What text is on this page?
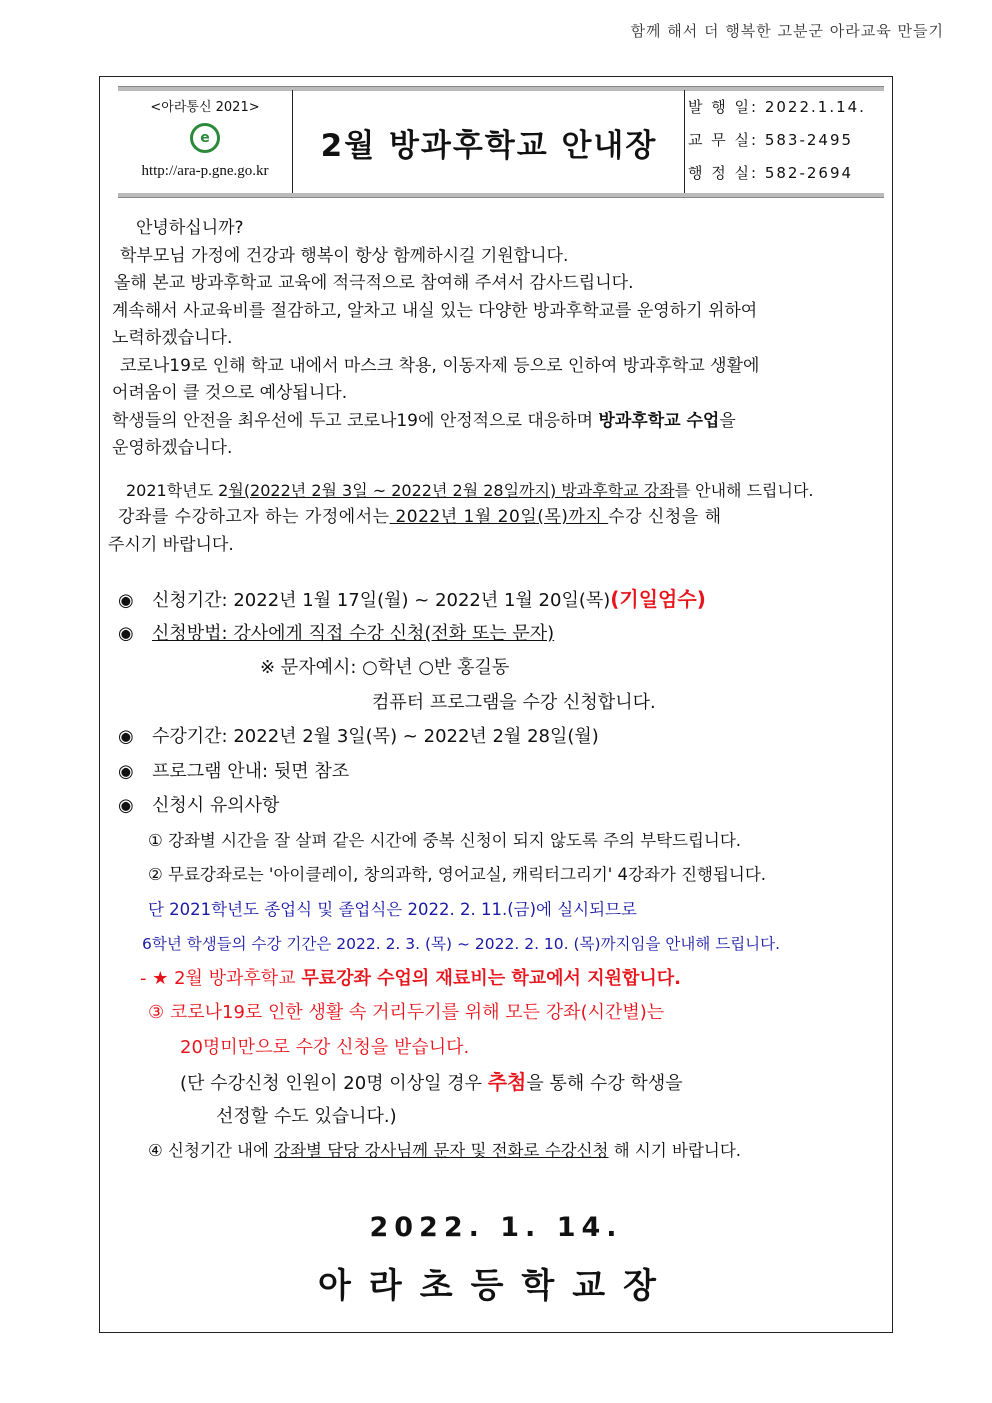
함께 해서 더 행복한 고분군 아라교육 만들기
<아라통신 2021>
e
http://ara-p.gne.go.kr
2월 방과후학교 안내장
발 행 일: 2022.1.14.
교 무 실: 583-2495
행 정 실: 582-2694

안녕하십니까?

학부모님 가정에 건강과 행복이 항상 함께하시길 기원합니다.

올해 본교 방과후학교 교육에 적극적으로 참여해 주셔서 감사드립니다.

계속해서 사교육비를 절감하고, 알차고 내실 있는 다양한 방과후학교를 운영하기 위하여

노력하겠습니다.

코로나19로 인해 학교 내에서 마스크 착용, 이동자제 등으로 인하여 방과후학교 생활에

어려움이 클 것으로 예상됩니다.

학생들의 안전을 최우선에 두고 코로나19에 안정적으로 대응하며 방과후학교 수업을

운영하겠습니다.

2021학년도 2월(2022년 2월 3일 ~ 2022년 2월 28일까지) 방과후학교 강좌를 안내해 드립니다.

강좌를 수강하고자 하는 가정에서는 2022년 1월 20일(목)까지 수강 신청을 해

주시기 바랍니다.

◉ 신청기간: 2022년 1월 17일(월) ~ 2022년 1월 20일(목)(기일엄수)

◉ 신청방법: 강사에게 직접 수강 신청(전화 또는 문자)

※ 문자예시: ○학년 ○반 홍길동

컴퓨터 프로그램을 수강 신청합니다.

◉ 수강기간: 2022년 2월 3일(목) ~ 2022년 2월 28일(월)

◉ 프로그램 안내: 뒷면 참조

◉ 신청시 유의사항

① 강좌별 시간을 잘 살펴 같은 시간에 중복 신청이 되지 않도록 주의 부탁드립니다.

② 무료강좌로는 '아이클레이, 창의과학, 영어교실, 캐릭터그리기' 4강좌가 진행됩니다.

단 2021학년도 종업식 및 졸업식은 2022. 2. 11.(금)에 실시되므로

6학년 학생들의 수강 기간은 2022. 2. 3. (목) ~ 2022. 2. 10. (목)까지임을 안내해 드립니다.

- ★ 2월 방과후학교 무료강좌 수업의 재료비는 학교에서 지원합니다.

③ 코로나19로 인한 생활 속 거리두기를 위해 모든 강좌(시간별)는

20명미만으로 수강 신청을 받습니다.

(단 수강신청 인원이 20명 이상일 경우 추첨을 통해 수강 학생을

선정할 수도 있습니다.)

④ 신청기간 내에 강좌별 담당 강사님께 문자 및 전화로 수강신청 해 시기 바랍니다.

2022. 1. 14.
아라초등학교장
